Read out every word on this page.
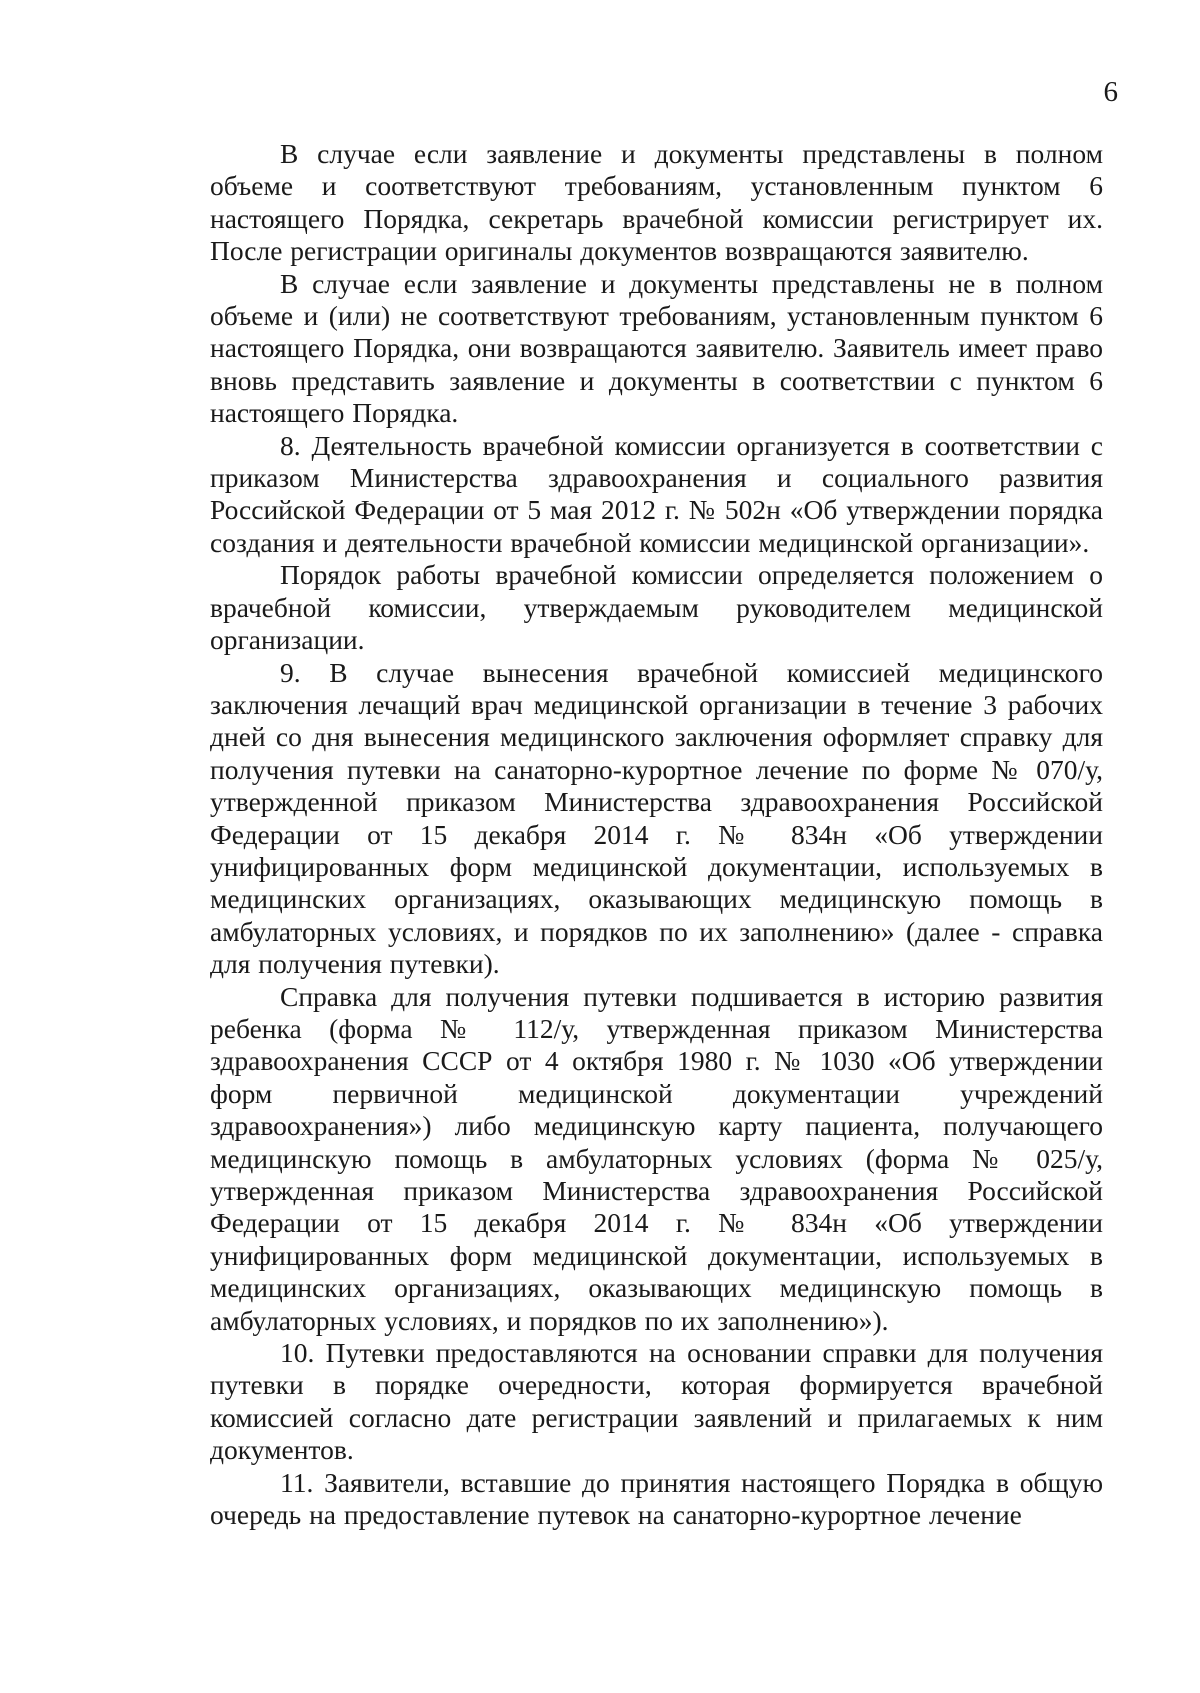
6

В случае если заявление и документы представлены в полном объеме и соответствуют требованиям, установленным пунктом 6 настоящего Порядка, секретарь врачебной комиссии регистрирует их. После регистрации оригиналы документов возвращаются заявителю.

В случае если заявление и документы представлены не в полном объеме и (или) не соответствуют требованиям, установленным пунктом 6 настоящего Порядка, они возвращаются заявителю. Заявитель имеет право вновь представить заявление и документы в соответствии с пунктом 6 настоящего Порядка.

8. Деятельность врачебной комиссии организуется в соответствии с приказом Министерства здравоохранения и социального развития Российской Федерации от 5 мая 2012 г. № 502н «Об утверждении порядка создания и деятельности врачебной комиссии медицинской организации».

Порядок работы врачебной комиссии определяется положением о врачебной комиссии, утверждаемым руководителем медицинской организации.

9. В случае вынесения врачебной комиссией медицинского заключения лечащий врач медицинской организации в течение 3 рабочих дней со дня вынесения медицинского заключения оформляет справку для получения путевки на санаторно-курортное лечение по форме № 070/у, утвержденной приказом Министерства здравоохранения Российской Федерации от 15 декабря 2014 г. № 834н «Об утверждении унифицированных форм медицинской документации, используемых в медицинских организациях, оказывающих медицинскую помощь в амбулаторных условиях, и порядков по их заполнению» (далее - справка для получения путевки).

Справка для получения путевки подшивается в историю развития ребенка (форма № 112/у, утвержденная приказом Министерства здравоохранения СССР от 4 октября 1980 г. № 1030 «Об утверждении форм первичной медицинской документации учреждений здравоохранения») либо медицинскую карту пациента, получающего медицинскую помощь в амбулаторных условиях (форма № 025/у, утвержденная приказом Министерства здравоохранения Российской Федерации от 15 декабря 2014 г. № 834н «Об утверждении унифицированных форм медицинской документации, используемых в медицинских организациях, оказывающих медицинскую помощь в амбулаторных условиях, и порядков по их заполнению»).

10. Путевки предоставляются на основании справки для получения путевки в порядке очередности, которая формируется врачебной комиссией согласно дате регистрации заявлений и прилагаемых к ним документов.

11. Заявители, вставшие до принятия настоящего Порядка в общую очередь на предоставление путевок на санаторно-курортное лечение
